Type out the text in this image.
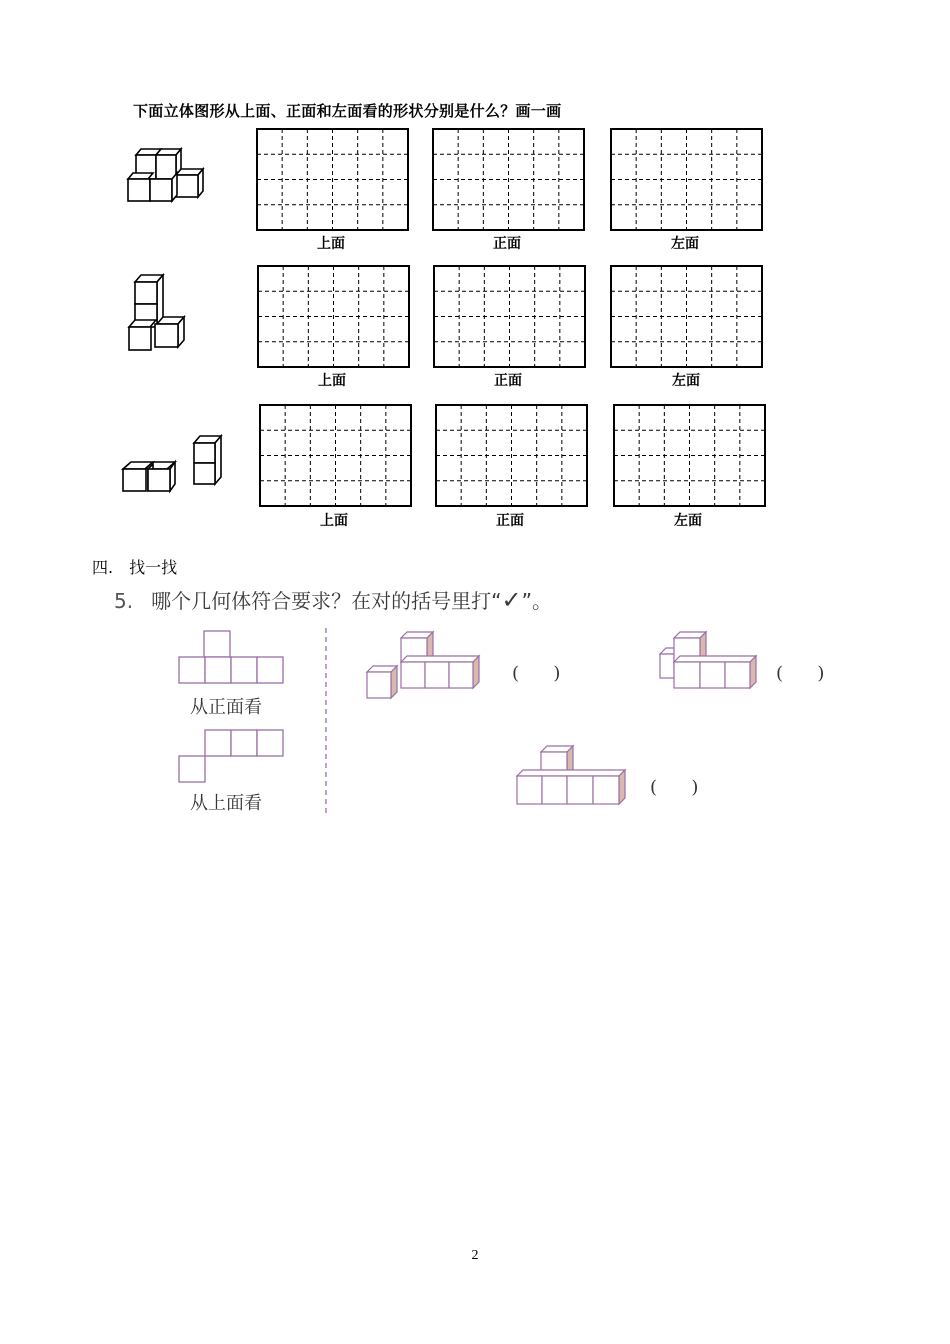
下面立体图形从上面、正面和左面看的形状分别是什么？画一画
上面	正面	左面
上面	正面	左面
上面	正面	左面
四.　找一找
5. 哪个几何体符合要求？在对的括号里打“✓”。
从正面看
从上面看
(      )	(      )
(      )
2
